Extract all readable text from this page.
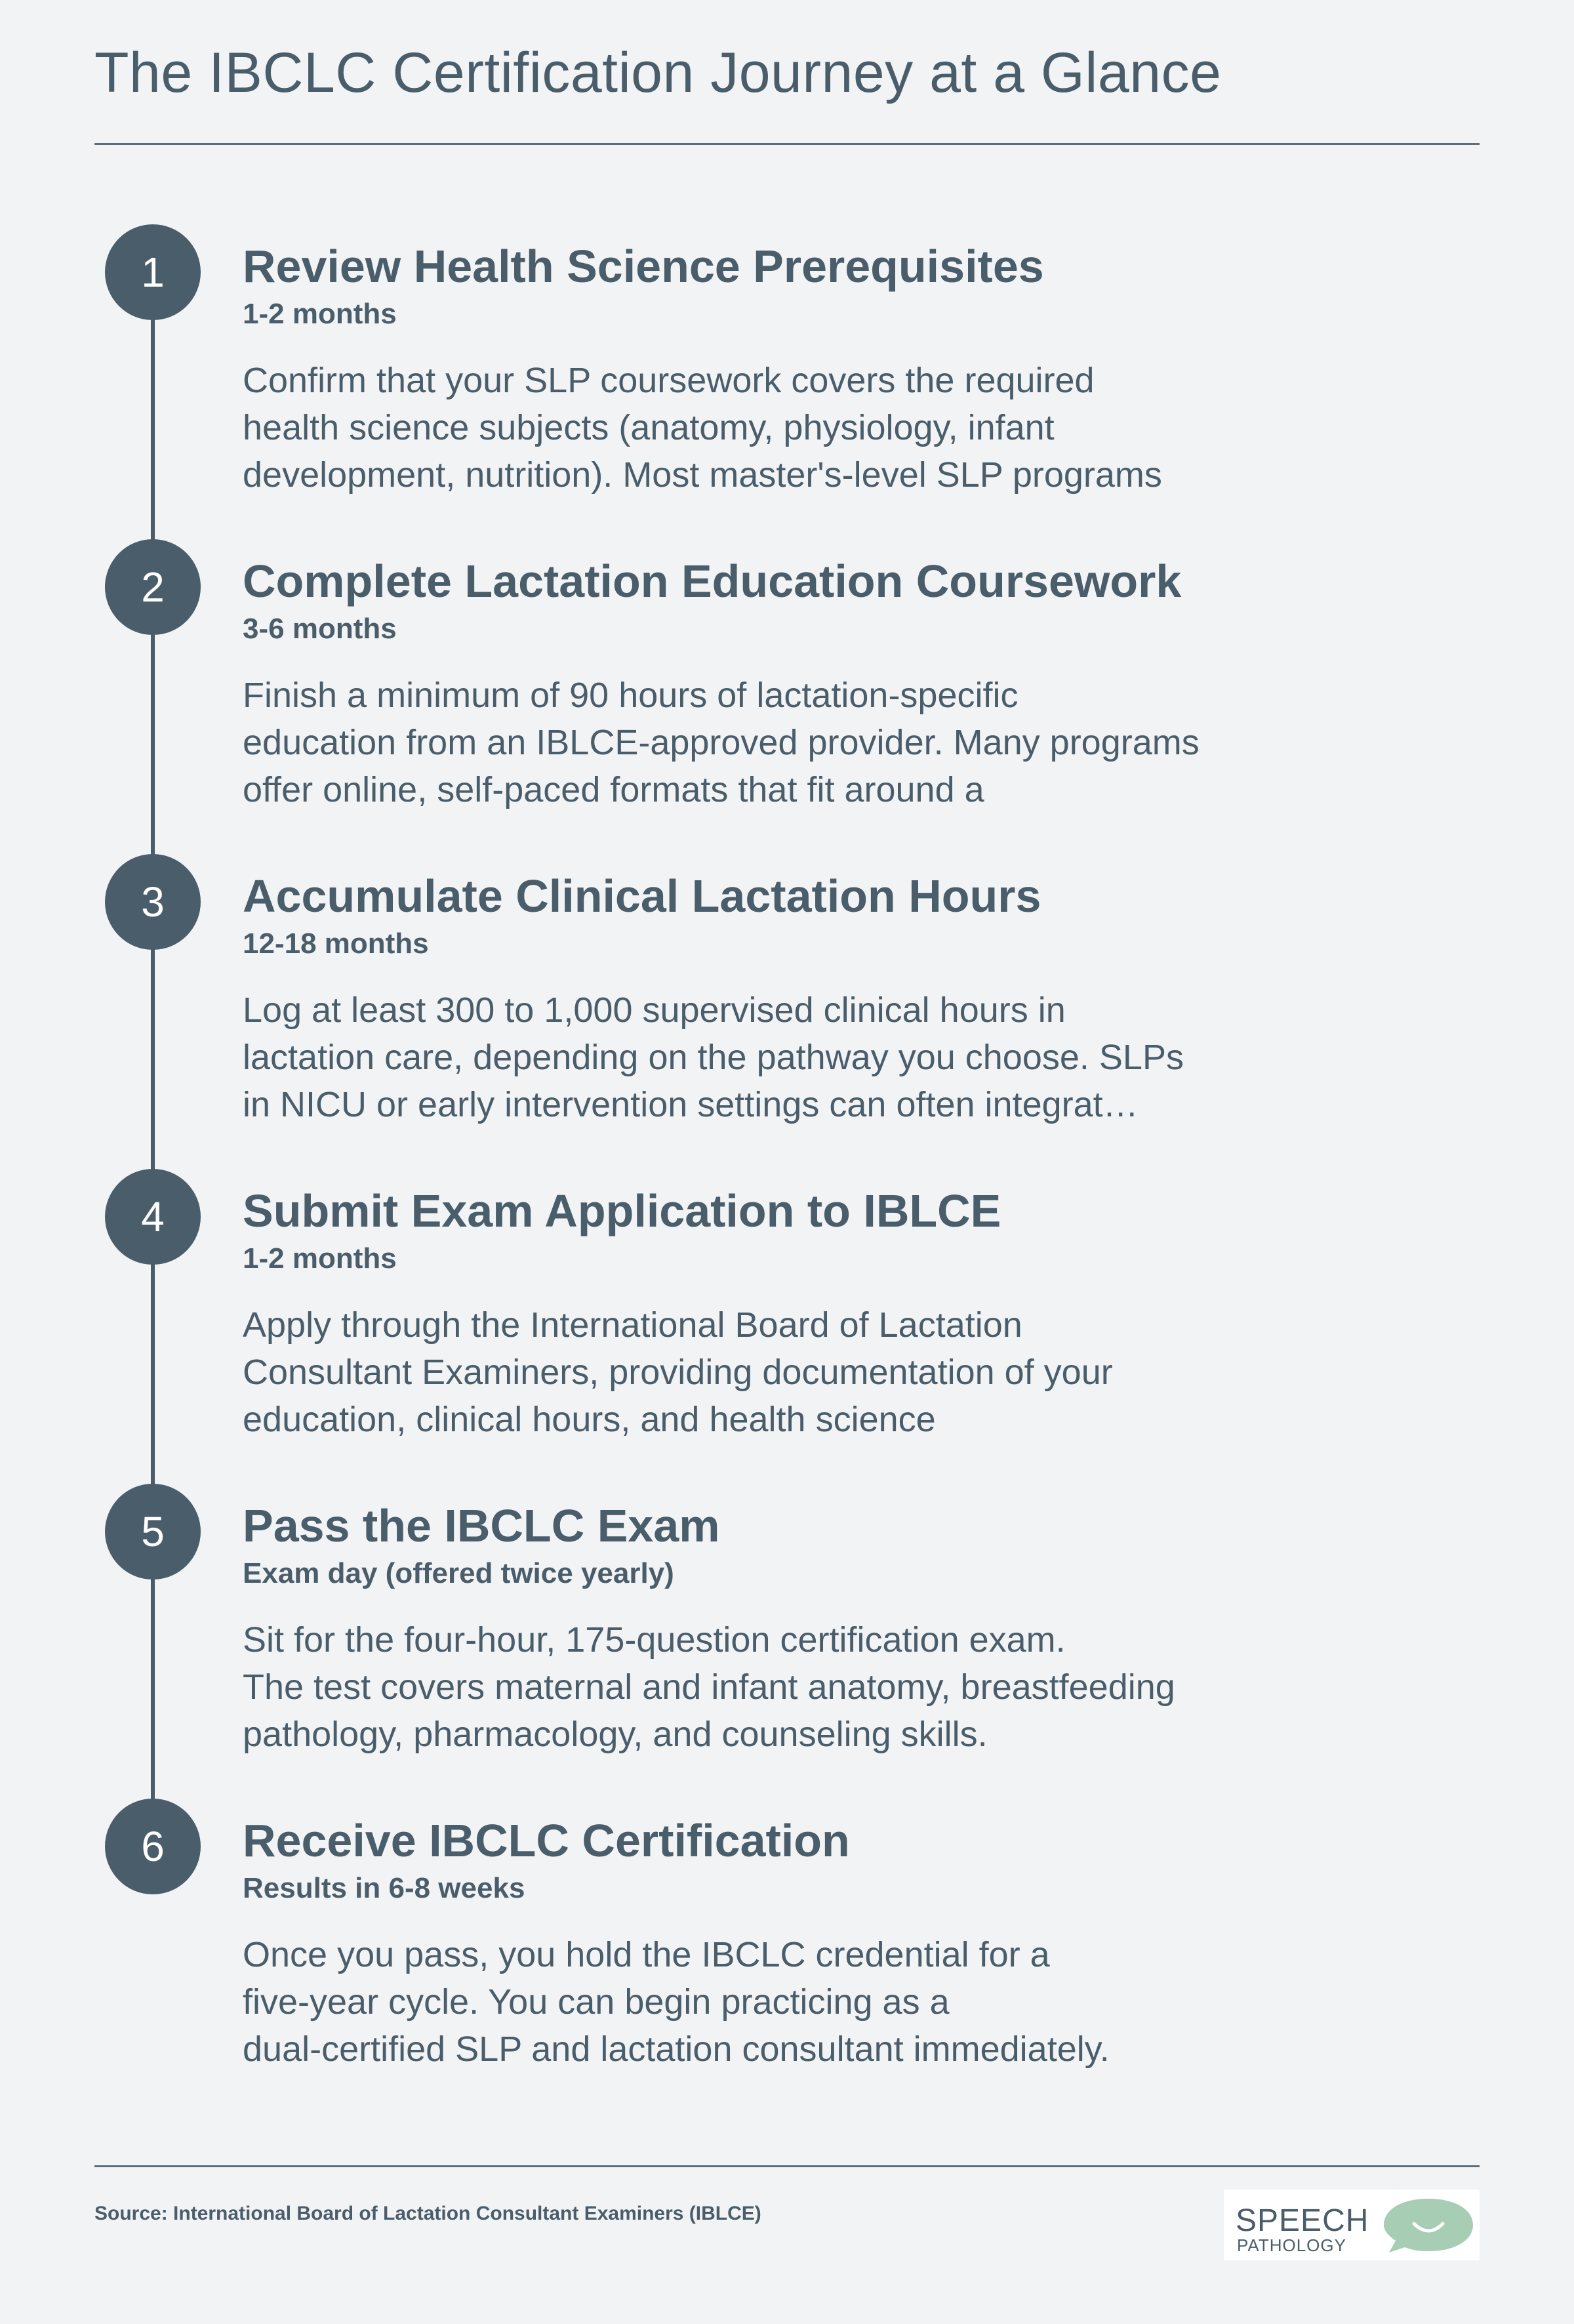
The IBCLC Certification Journey at a Glance
1	Review Health Science Prerequisites
1-2 months
Confirm that your SLP coursework covers the required
health science subjects (anatomy, physiology, infant
development, nutrition). Most master's-level SLP programs
2	Complete Lactation Education Coursework
3-6 months
Finish a minimum of 90 hours of lactation-specific
education from an IBLCE-approved provider. Many programs
offer online, self-paced formats that fit around a
3	Accumulate Clinical Lactation Hours
12-18 months
Log at least 300 to 1,000 supervised clinical hours in
lactation care, depending on the pathway you choose. SLPs
in NICU or early intervention settings can often integrat…
4	Submit Exam Application to IBLCE
1-2 months
Apply through the International Board of Lactation
Consultant Examiners, providing documentation of your
education, clinical hours, and health science
5	Pass the IBCLC Exam
Exam day (offered twice yearly)
Sit for the four-hour, 175-question certification exam.
The test covers maternal and infant anatomy, breastfeeding
pathology, pharmacology, and counseling skills.
6	Receive IBCLC Certification
Results in 6-8 weeks
Once you pass, you hold the IBCLC credential for a
five-year cycle. You can begin practicing as a
dual-certified SLP and lactation consultant immediately.
Source: International Board of Lactation Consultant Examiners (IBLCE)	SPEECH
PATHOLOGY
